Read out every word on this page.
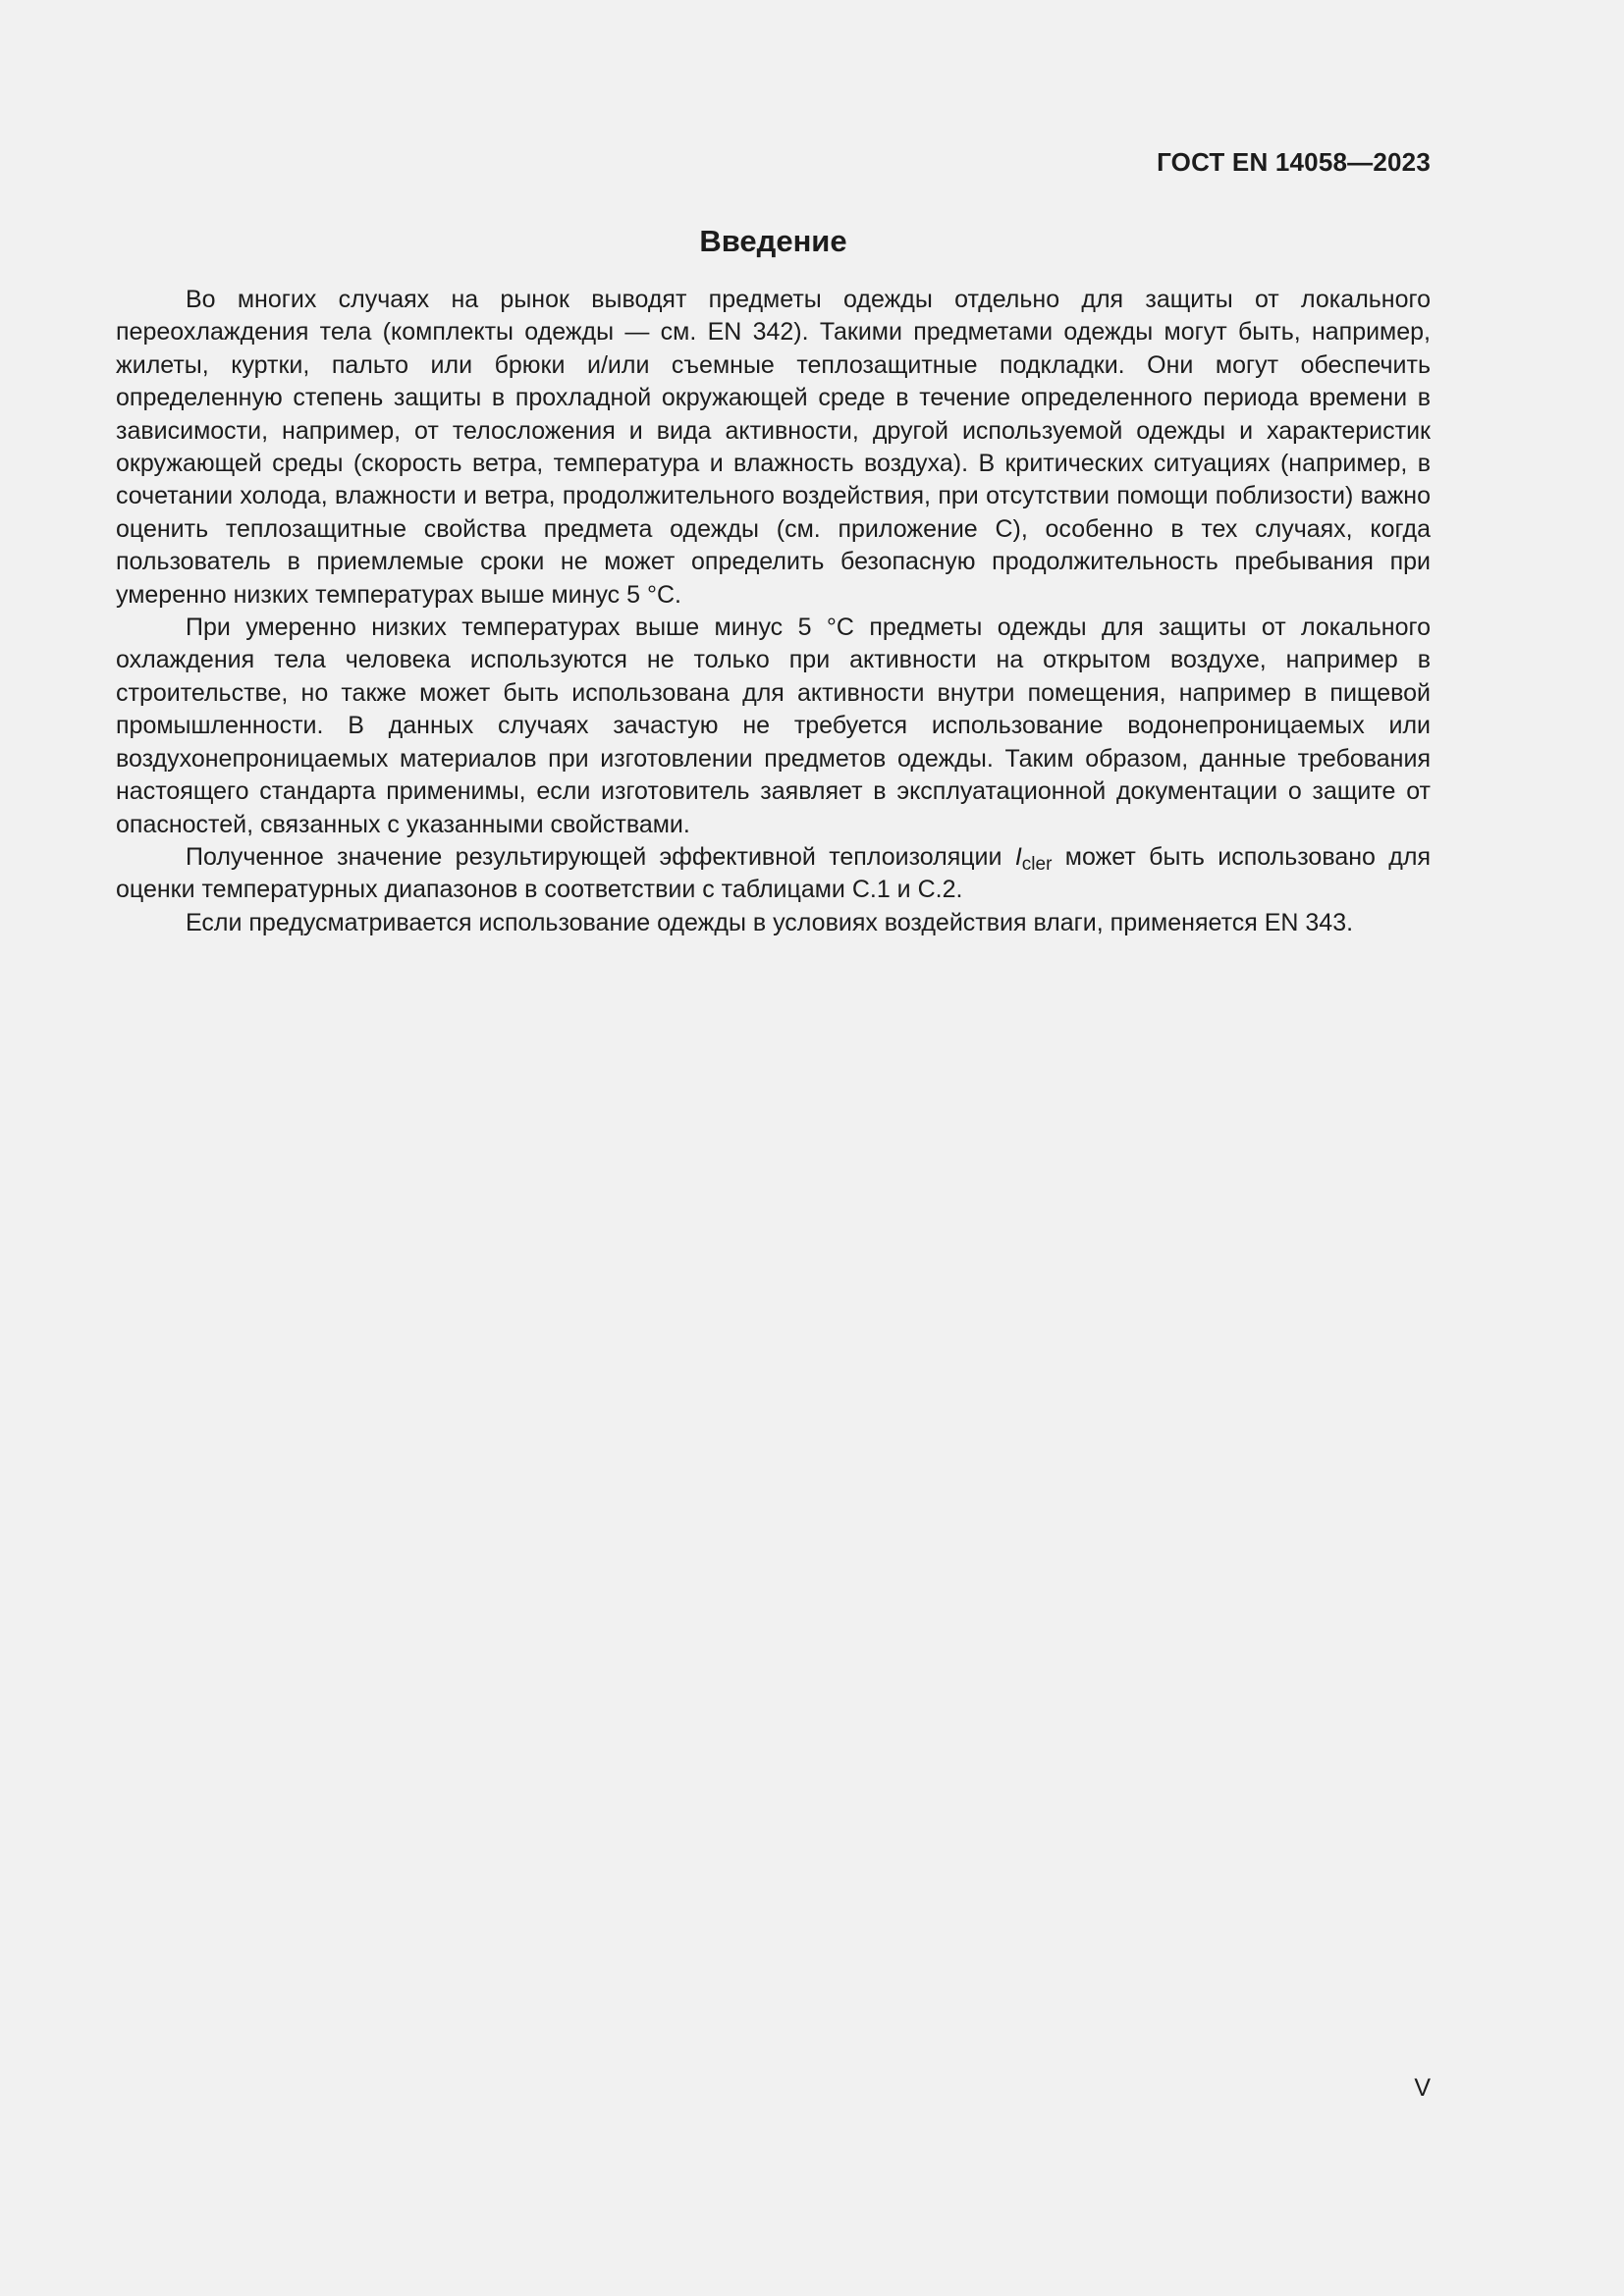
ГОСТ EN 14058—2023
Введение

Во многих случаях на рынок выводят предметы одежды отдельно для защиты от локального переохлаждения тела (комплекты одежды — см. EN 342). Такими предметами одежды могут быть, например, жилеты, куртки, пальто или брюки и/или съемные теплозащитные подкладки. Они могут обеспечить определенную степень защиты в прохладной окружающей среде в течение определенного периода времени в зависимости, например, от телосложения и вида активности, другой используемой одежды и характеристик окружающей среды (скорость ветра, температура и влажность воздуха). В критических ситуациях (например, в сочетании холода, влажности и ветра, продолжительного воздействия, при отсутствии помощи поблизости) важно оценить теплозащитные свойства предмета одежды (см. приложение С), особенно в тех случаях, когда пользователь в приемлемые сроки не может определить безопасную продолжительность пребывания при умеренно низких температурах выше минус 5 °С.

При умеренно низких температурах выше минус 5 °С предметы одежды для защиты от локального охлаждения тела человека используются не только при активности на открытом воздухе, например в строительстве, но также может быть использована для активности внутри помещения, например в пищевой промышленности. В данных случаях зачастую не требуется использование водонепроницаемых или воздухонепроницаемых материалов при изготовлении предметов одежды. Таким образом, данные требования настоящего стандарта применимы, если изготовитель заявляет в эксплуатационной документации о защите от опасностей, связанных с указанными свойствами.

Полученное значение результирующей эффективной теплоизоляции $I_{cler}$ может быть использовано для оценки температурных диапазонов в соответствии с таблицами С.1 и С.2.

Если предусматривается использование одежды в условиях воздействия влаги, применяется EN 343.

V
